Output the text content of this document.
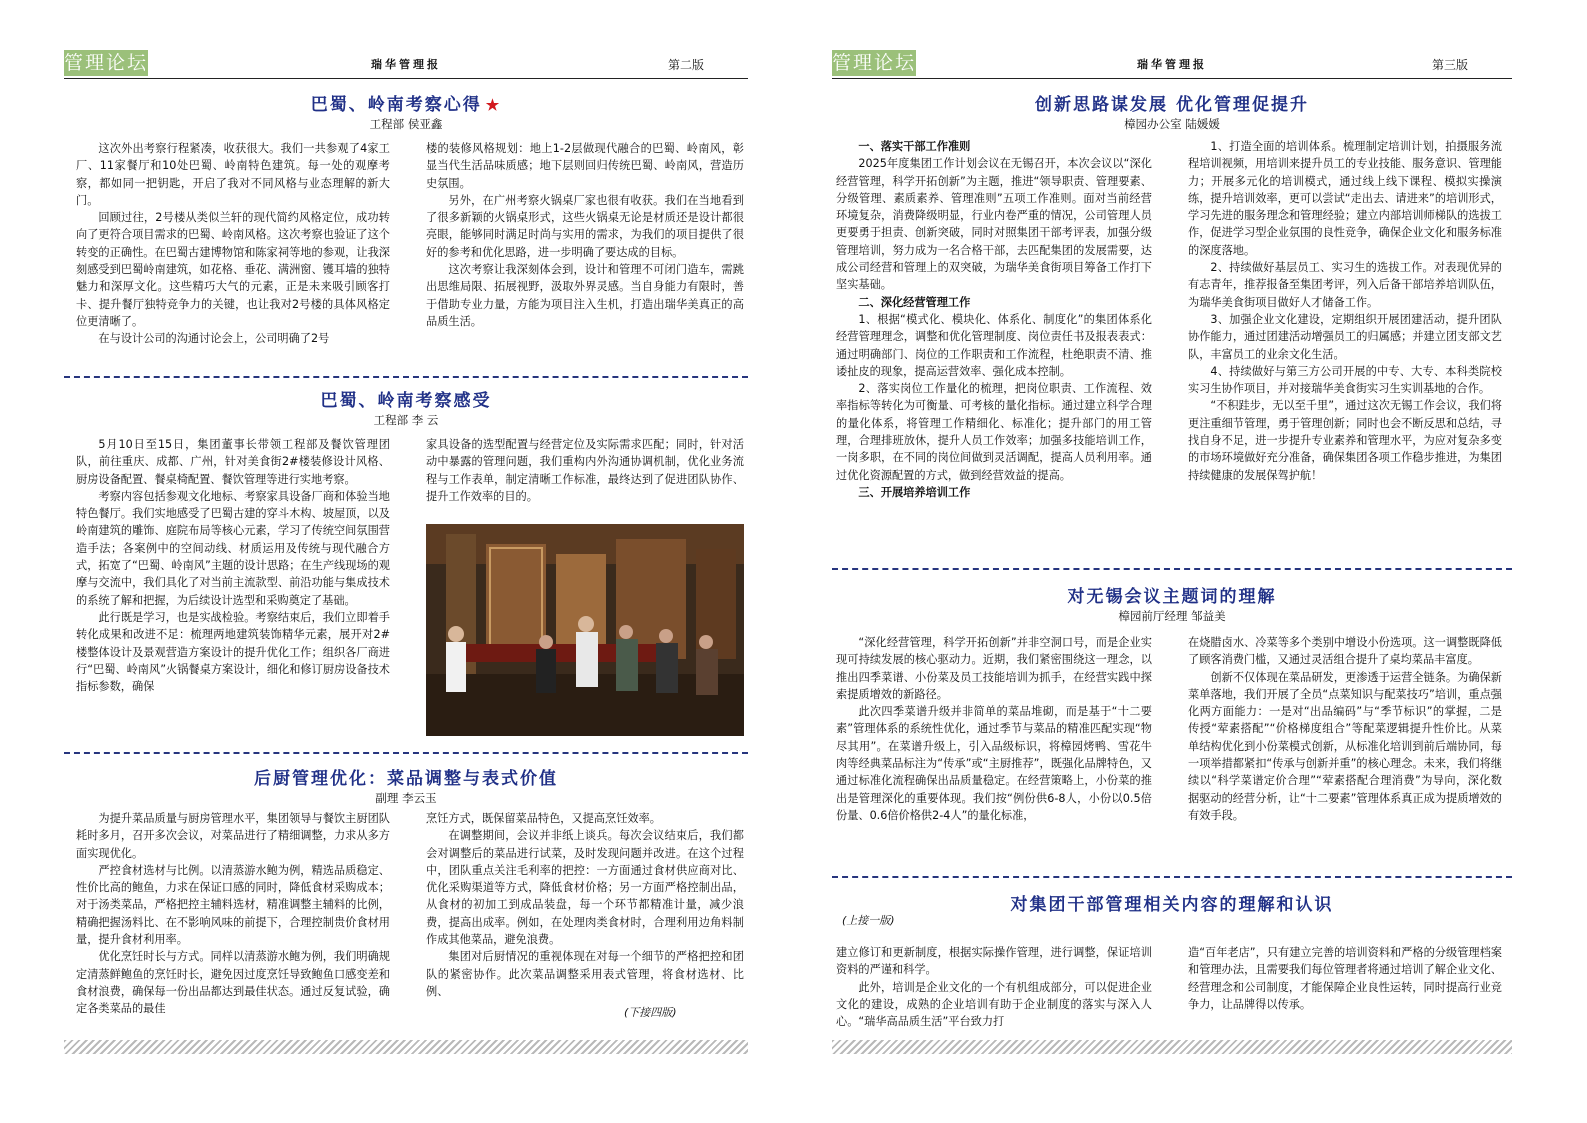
管理论坛	瑞华管理报	第二版
巴蜀、岭南考察心得 ★
工程部 侯亚鑫

这次外出考察行程紧凑，收获很大。我们一共参观了4家工厂、11家餐厅和10处巴蜀、岭南特色建筑。每一处的观摩考察，都如同一把钥匙，开启了我对不同风格与业态理解的新大门。

回顾过往，2号楼从类似兰轩的现代简约风格定位，成功转向了更符合项目需求的巴蜀、岭南风格。这次考察也验证了这个转变的正确性。在巴蜀古建博物馆和陈家祠等地的参观，让我深刻感受到巴蜀岭南建筑，如花格、垂花、满洲窗、镬耳墙的独特魅力和深厚文化。这些精巧大气的元素，正是未来吸引顾客打卡、提升餐厅独特竞争力的关键，也让我对2号楼的具体风格定位更清晰了。

在与设计公司的沟通讨论会上，公司明确了2号

楼的装修风格规划：地上1-2层做现代融合的巴蜀、岭南风，彰显当代生活品味质感；地下层则回归传统巴蜀、岭南风，营造历史氛围。

另外，在广州考察火锅桌厂家也很有收获。我们在当地看到了很多新颖的火锅桌形式，这些火锅桌无论是材质还是设计都很亮眼，能够同时满足时尚与实用的需求，为我们的项目提供了很好的参考和优化思路，进一步明确了要达成的目标。

这次考察让我深刻体会到，设计和管理不可闭门造车，需跳出思维局限、拓展视野，汲取外界灵感。当自身能力有限时，善于借助专业力量，方能为项目注入生机，打造出瑞华美真正的高品质生活。

巴蜀、岭南考察感受
工程部 李 云

5月10日至15日，集团董事长带领工程部及餐饮管理团队，前往重庆、成都、广州，针对美食街2#楼装修设计风格、厨房设备配置、餐桌椅配置、餐饮管理等进行实地考察。

考察内容包括参观文化地标、考察家具设备厂商和体验当地特色餐厅。我们实地感受了巴蜀古建的穿斗木构、坡屋顶，以及岭南建筑的雕饰、庭院布局等核心元素，学习了传统空间氛围营造手法；各案例中的空间动线、材质运用及传统与现代融合方式，拓宽了“巴蜀、岭南风”主题的设计思路；在生产线现场的观摩与交流中，我们具化了对当前主流款型、前沿功能与集成技术的系统了解和把握，为后续设计选型和采购奠定了基础。

此行既是学习，也是实战检验。考察结束后，我们立即着手转化成果和改进不足：梳理两地建筑装饰精华元素，展开对2#楼整体设计及景观营造方案设计的提升优化工作；组织各厂商进行“巴蜀、岭南风”火锅餐桌方案设计，细化和修订厨房设备技术指标参数，确保

家具设备的选型配置与经营定位及实际需求匹配；同时，针对活动中暴露的管理问题，我们重构内外沟通协调机制，优化业务流程与工作表单，制定清晰工作标准，最终达到了促进团队协作、提升工作效率的目的。

后厨管理优化：菜品调整与表式价值
副理 李云玉

为提升菜品质量与厨房管理水平，集团领导与餐饮主厨团队耗时多月，召开多次会议，对菜品进行了精细调整，力求从多方面实现优化。

严控食材选材与比例。以清蒸游水鲍为例，精选品质稳定、性价比高的鲍鱼，力求在保证口感的同时，降低食材采购成本；对于汤类菜品，严格把控主辅料选材，精准调整主辅料的比例，精确把握汤料比、在不影响风味的前提下，合理控制贵价食材用量，提升食材利用率。

优化烹饪时长与方式。同样以清蒸游水鲍为例，我们明确规定清蒸鲜鲍鱼的烹饪时长，避免因过度烹饪导致鲍鱼口感变差和食材浪费，确保每一份出品都达到最佳状态。通过反复试验，确定各类菜品的最佳

烹饪方式，既保留菜品特色，又提高烹饪效率。

在调整期间，会议并非纸上谈兵。每次会议结束后，我们都会对调整后的菜品进行试菜，及时发现问题并改进。在这个过程中，团队重点关注毛利率的把控：一方面通过食材供应商对比、优化采购渠道等方式，降低食材价格；另一方面严格控制出品，从食材的初加工到成品装盘，每一个环节都精准计量，减少浪费，提高出成率。例如，在处理肉类食材时，合理利用边角料制作成其他菜品，避免浪费。

集团对后厨情况的重视体现在对每一个细节的严格把控和团队的紧密协作。此次菜品调整采用表式管理，将食材选材、比例、

(下接四版)
管理论坛	瑞华管理报	第三版
创新思路谋发展 优化管理促提升
樟园办公室 陆媛媛

一、落实干部工作准则

2025年度集团工作计划会议在无锡召开，本次会议以“深化经营管理，科学开拓创新”为主题，推进“领导职责、管理要素、分级管理、素质素养、管理准则”五项工作准则。面对当前经营环境复杂，消费降级明显，行业内卷严重的情况，公司管理人员更要勇于担责、创新突破，同时对照集团干部考评表，加强分级管理培训，努力成为一名合格干部，去匹配集团的发展需要，达成公司经营和管理上的双突破，为瑞华美食街项目筹备工作打下坚实基础。

二、深化经营管理工作

1、根据“模式化、模块化、体系化、制度化”的集团体系化经营管理理念，调整和优化管理制度、岗位责任书及报表表式：通过明确部门、岗位的工作职责和工作流程，杜绝职责不清、推诿扯皮的现象，提高运营效率、强化成本控制。

2、落实岗位工作量化的梳理，把岗位职责、工作流程、效率指标等转化为可衡量、可考核的量化指标。通过建立科学合理的量化体系，将管理工作精细化、标准化；提升部门的用工管理，合理排班放休，提升人员工作效率；加强多技能培训工作，一岗多职，在不同的岗位间做到灵活调配，提高人员利用率。通过优化资源配置的方式，做到经营效益的提高。

三、开展培养培训工作

1、打造全面的培训体系。梳理制定培训计划，拍摄服务流程培训视频，用培训来提升员工的专业技能、服务意识、管理能力；开展多元化的培训模式，通过线上线下课程、模拟实操演练，提升培训效率，更可以尝试“走出去、请进来”的培训形式，学习先进的服务理念和管理经验；建立内部培训师梯队的选拔工作，促进学习型企业氛围的良性竞争，确保企业文化和服务标准的深度落地。

2、持续做好基层员工、实习生的选拔工作。对表现优异的有志青年，推荐报备至集团考评，列入后备干部培养培训队伍，为瑞华美食街项目做好人才储备工作。

3、加强企业文化建设，定期组织开展团建活动，提升团队协作能力，通过团建活动增强员工的归属感；并建立团支部文艺队，丰富员工的业余文化生活。

4、持续做好与第三方公司开展的中专、大专、本科类院校实习生协作项目，并对接瑞华美食街实习生实训基地的合作。

“不积跬步，无以至千里”，通过这次无锡工作会议，我们将更注重细节管理，勇于管理创新；同时也会不断反思和总结，寻找自身不足，进一步提升专业素养和管理水平，为应对复杂多变的市场环境做好充分准备，确保集团各项工作稳步推进，为集团持续健康的发展保驾护航！

对无锡会议主题词的理解
樟园前厅经理 邹益美

“深化经营管理，科学开拓创新”并非空洞口号，而是企业实现可持续发展的核心驱动力。近期，我们紧密围绕这一理念，以推出四季菜谱、小份菜及员工技能培训为抓手，在经营实践中探索提质增效的新路径。

此次四季菜谱升级并非简单的菜品堆砌，而是基于“十二要素”管理体系的系统性优化，通过季节与菜品的精准匹配实现“物尽其用”。在菜谱升级上，引入品级标识，将樟园烤鸭、雪花牛肉等经典菜品标注为“传承”或“主厨推荐”，既强化品牌特色，又通过标准化流程确保出品质量稳定。在经营策略上，小份菜的推出是管理深化的重要体现。我们按“例份供6-8人，小份以0.5倍份量、0.6倍价格供2-4人”的量化标准，

在烧腊卤水、冷菜等多个类别中增设小份选项。这一调整既降低了顾客消费门槛，又通过灵活组合提升了桌均菜品丰富度。

创新不仅体现在菜品研发，更渗透于运营全链条。为确保新菜单落地，我们开展了全员“点菜知识与配菜技巧”培训，重点强化两方面能力：一是对“出品编码”与“季节标识”的掌握，二是传授“荤素搭配”“价格梯度组合”等配菜逻辑提升性价比。从菜单结构优化到小份菜模式创新，从标准化培训到前后端协同，每一项举措都紧扣“传承与创新并重”的核心理念。未来，我们将继续以“科学菜谱定价合理”“荤素搭配合理消费”为导向，深化数据驱动的经营分析，让“十二要素”管理体系真正成为提质增效的有效手段。

对集团干部管理相关内容的理解和认识
(上接一版)

建立修订和更新制度，根据实际操作管理，进行调整，保证培训资料的严谨和科学。

此外，培训是企业文化的一个有机组成部分，可以促进企业文化的建设，成熟的企业培训有助于企业制度的落实与深入人心。“瑞华高品质生活”平台致力打

造“百年老店”，只有建立完善的培训资料和严格的分级管理档案和管理办法，且需要我们每位管理者将通过培训了解企业文化、经营理念和公司制度，才能保障企业良性运转，同时提高行业竞争力，让品牌得以传承。
